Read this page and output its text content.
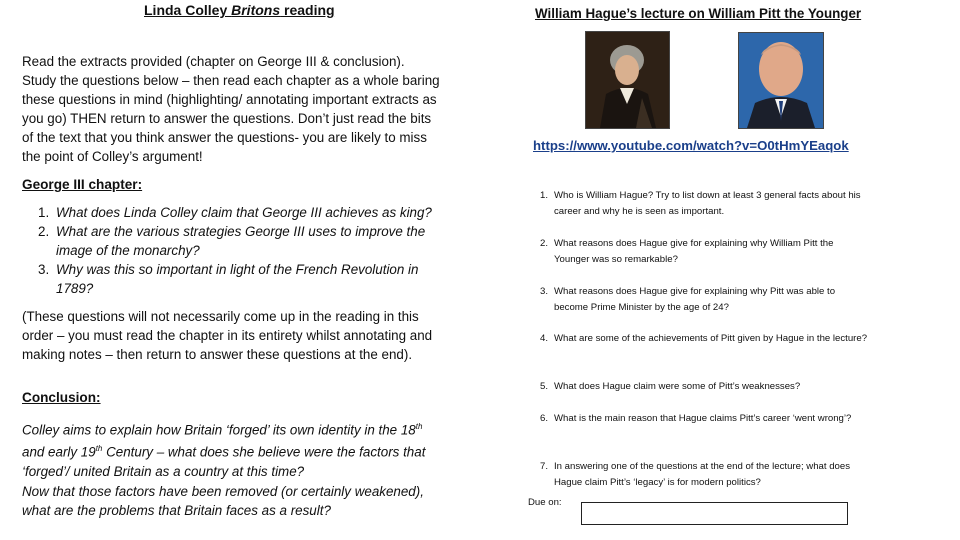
Linda Colley Britons reading
Read the extracts provided (chapter on George III & conclusion). Study the questions below – then read each chapter as a whole baring these questions in mind (highlighting/ annotating important extracts as you go) THEN return to answer the questions. Don’t just read the bits of the text that you think answer the questions- you are likely to miss the point of Colley’s argument!
George III chapter:
1. What does Linda Colley claim that George III achieves as king?
2. What are the various strategies George III uses to improve the image of the monarchy?
3. Why was this so important in light of the French Revolution in 1789?
(These questions will not necessarily come up in the reading in this order – you must read the chapter in its entirety whilst annotating and making notes – then return to answer these questions at the end).
Conclusion:
Colley aims to explain how Britain ‘forged’ its own identity in the 18th and early 19th Century – what does she believe were the factors that ‘forged’/ united Britain as a country at this time?
Now that those factors have been removed (or certainly weakened), what are the problems that Britain faces as a result?
William Hague’s lecture on William Pitt the Younger
https://www.youtube.com/watch?v=O0tHmYEaqok
1. Who is William Hague? Try to list down at least 3 general facts about his career and why he is seen as important.
2. What reasons does Hague give for explaining why William Pitt the Younger was so remarkable?
3. What reasons does Hague give for explaining why Pitt was able to become Prime Minister by the age of 24?
4. What are some of the achievements of Pitt given by Hague in the lecture?
5. What does Hague claim were some of Pitt’s weaknesses?
6. What is the main reason that Hague claims Pitt’s career ‘went wrong’?
7. In answering one of the questions at the end of the lecture; what does Hague claim Pitt’s ‘legacy’ is for modern politics?
Due on:
